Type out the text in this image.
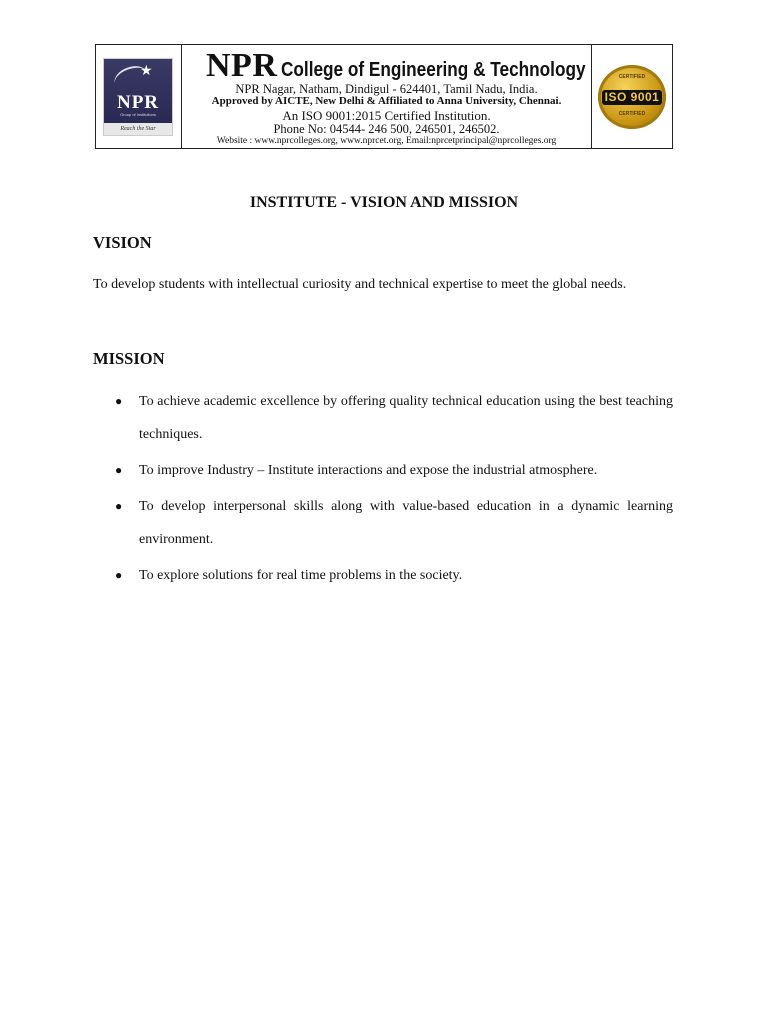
★
NPR
Group of Institutions
Reach the Star
NPR College of Engineering & Technology
NPR Nagar, Natham, Dindigul - 624401, Tamil Nadu, India.
Approved by AICTE, New Delhi & Affiliated to Anna University, Chennai.
An ISO 9001:2015 Certified Institution.
Phone No: 04544- 246 500, 246501, 246502.
Website : www.nprcolleges.org, www.nprcet.org, Email:nprcetprincipal@nprcolleges.org
CERTIFIED
ISO 9001
CERTIFIED
INSTITUTE - VISION AND MISSION
VISION

To develop students with intellectual curiosity and technical expertise to meet the global needs.

MISSION
● To achieve academic excellence by offering quality technical education using the best teaching techniques.
● To improve Industry – Institute interactions and expose the industrial atmosphere.
● To develop interpersonal skills along with value-based education in a dynamic learning environment.
● To explore solutions for real time problems in the society.
